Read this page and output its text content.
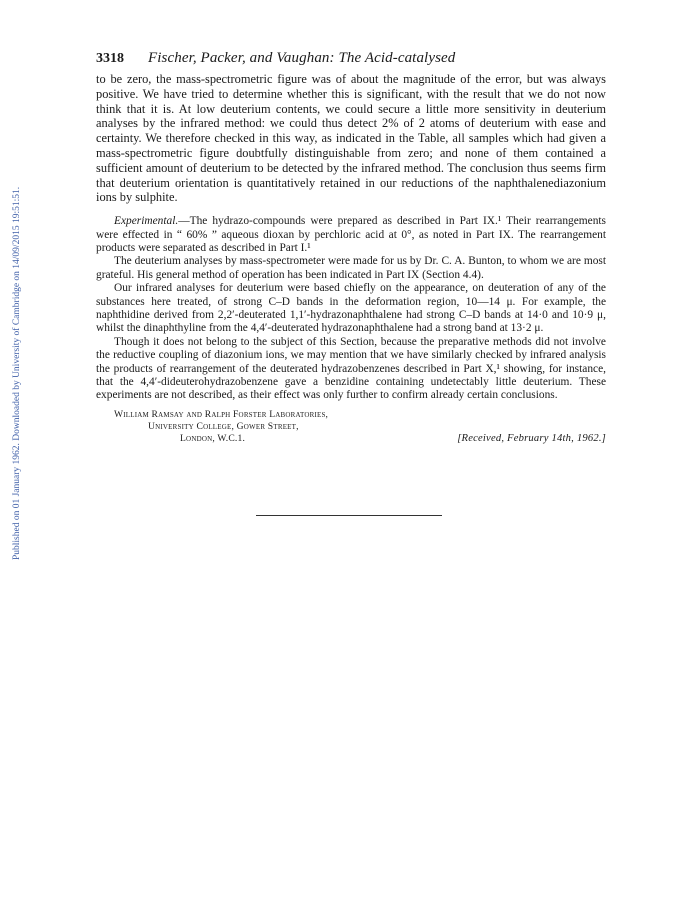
Published on 01 January 1962. Downloaded by University of Cambridge on 14/09/2015 19:51:51.
3318	Fischer, Packer, and Vaughan: The Acid-catalysed

to be zero, the mass-spectrometric figure was of about the magnitude of the error, but was always positive. We have tried to determine whether this is significant, with the result that we do not now think that it is. At low deuterium contents, we could secure a little more sensitivity in deuterium analyses by the infrared method: we could thus detect 2% of 2 atoms of deuterium with ease and certainty. We therefore checked in this way, as indicated in the Table, all samples which had given a mass-spectrometric figure doubtfully distinguishable from zero; and none of them contained a sufficient amount of deuterium to be detected by the infrared method. The conclusion thus seems firm that deuterium orientation is quantitatively retained in our reductions of the naphthalenediazonium ions by sulphite.

Experimental.—The hydrazo-compounds were prepared as described in Part IX.¹ Their rearrangements were effected in “ 60% ” aqueous dioxan by perchloric acid at 0°, as noted in Part IX. The rearrangement products were separated as described in Part I.¹

The deuterium analyses by mass-spectrometer were made for us by Dr. C. A. Bunton, to whom we are most grateful. His general method of operation has been indicated in Part IX (Section 4.4).

Our infrared analyses for deuterium were based chiefly on the appearance, on deuteration of any of the substances here treated, of strong C–D bands in the deformation region, 10—14 μ. For example, the naphthidine derived from 2,2′-deuterated 1,1′-hydrazonaphthalene had strong C–D bands at 14·0 and 10·9 μ, whilst the dinaphthyline from the 4,4′-deuterated hydrazonaphthalene had a strong band at 13·2 μ.

Though it does not belong to the subject of this Section, because the preparative methods did not involve the reductive coupling of diazonium ions, we may mention that we have similarly checked by infrared analysis the products of rearrangement of the deuterated hydrazobenzenes described in Part X,¹ showing, for instance, that the 4,4′-dideuterohydrazobenzene gave a benzidine containing undetectably little deuterium. These experiments are not described, as their effect was only further to confirm already certain conclusions.

William Ramsay and Ralph Forster Laboratories,
University College, Gower Street,
London, W.C.1.	[Received, February 14th, 1962.]
